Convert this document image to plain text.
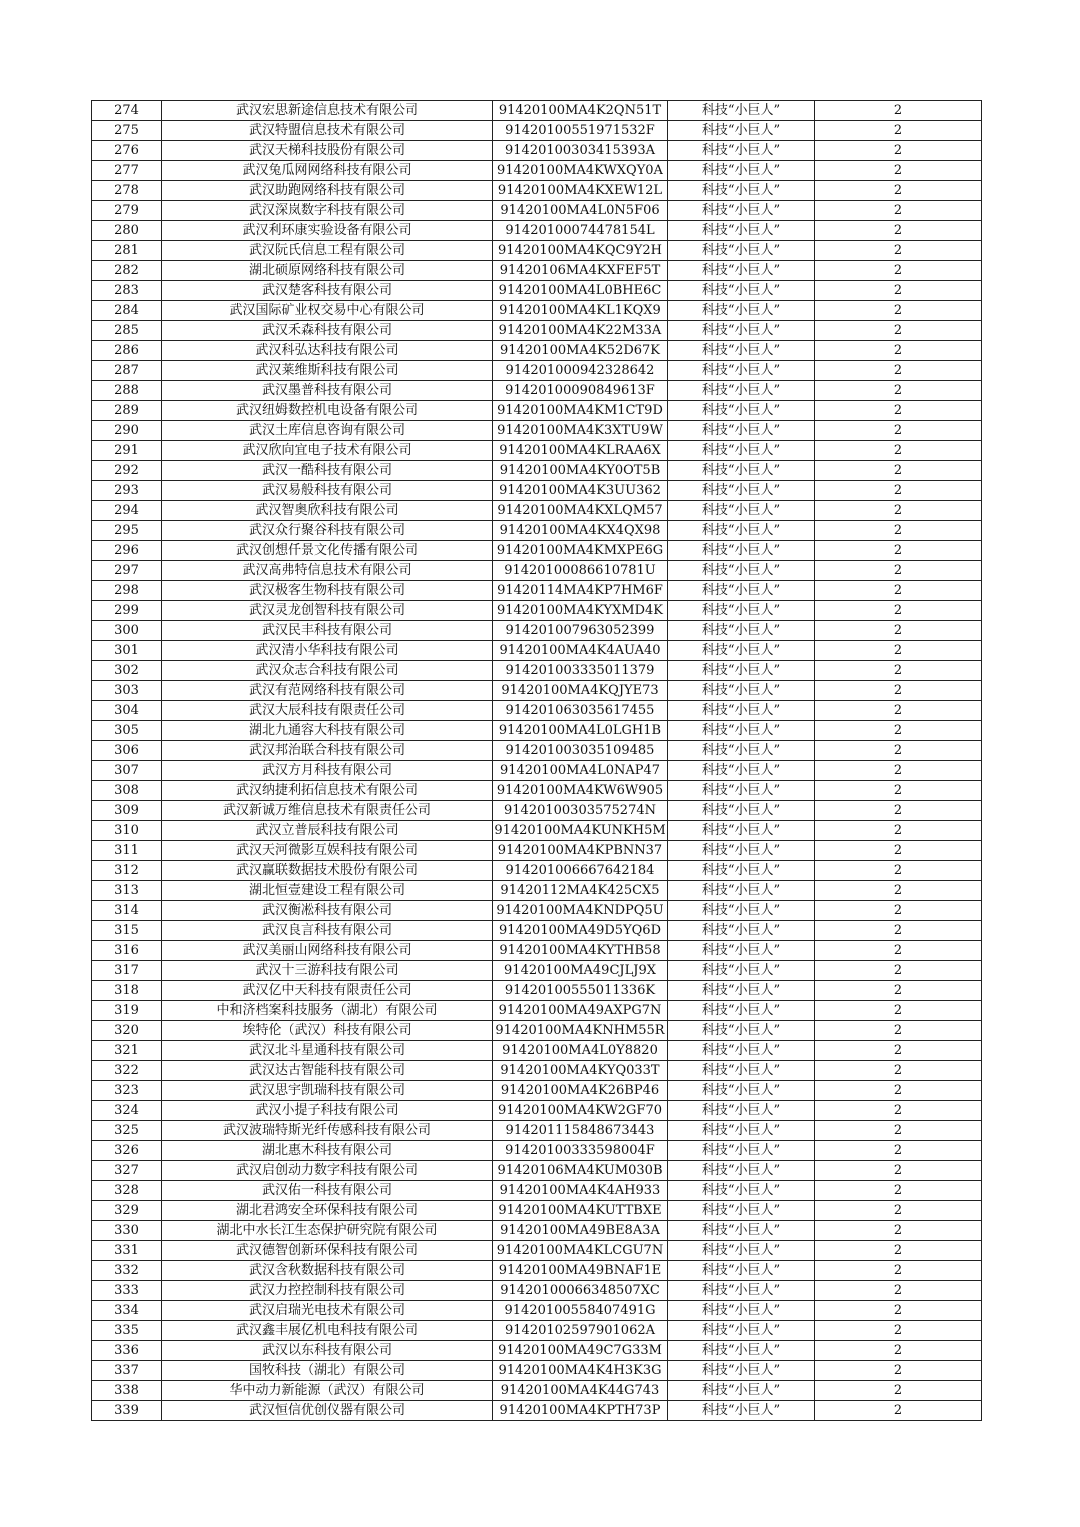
274	武汉宏思新途信息技术有限公司	91420100MA4K2QN51T	科技“小巨人”	2
275	武汉特盟信息技术有限公司	91420100551971532F	科技“小巨人”	2
276	武汉天梯科技股份有限公司	91420100303415393A	科技“小巨人”	2
277	武汉兔瓜网网络科技有限公司	91420100MA4KWXQY0A	科技“小巨人”	2
278	武汉助跑网络科技有限公司	91420100MA4KXEW12L	科技“小巨人”	2
279	武汉深岚数字科技有限公司	91420100MA4L0N5F06	科技“小巨人”	2
280	武汉利环康实验设备有限公司	91420100074478154L	科技“小巨人”	2
281	武汉阮氏信息工程有限公司	91420100MA4KQC9Y2H	科技“小巨人”	2
282	湖北硕原网络科技有限公司	91420106MA4KXFEF5T	科技“小巨人”	2
283	武汉楚客科技有限公司	91420100MA4L0BHE6C	科技“小巨人”	2
284	武汉国际矿业权交易中心有限公司	91420100MA4KL1KQX9	科技“小巨人”	2
285	武汉禾森科技有限公司	91420100MA4K22M33A	科技“小巨人”	2
286	武汉科弘达科技有限公司	91420100MA4K52D67K	科技“小巨人”	2
287	武汉莱维斯科技有限公司	914201000942328642	科技“小巨人”	2
288	武汉墨普科技有限公司	91420100090849613F	科技“小巨人”	2
289	武汉纽姆数控机电设备有限公司	91420100MA4KM1CT9D	科技“小巨人”	2
290	武汉土库信息咨询有限公司	91420100MA4K3XTU9W	科技“小巨人”	2
291	武汉欣向宜电子技术有限公司	91420100MA4KLRAA6X	科技“小巨人”	2
292	武汉一酷科技有限公司	91420100MA4KY0OT5B	科技“小巨人”	2
293	武汉易般科技有限公司	91420100MA4K3UU362	科技“小巨人”	2
294	武汉智奥欣科技有限公司	91420100MA4KXLQM57	科技“小巨人”	2
295	武汉众行聚谷科技有限公司	91420100MA4KX4QX98	科技“小巨人”	2
296	武汉创想仟景文化传播有限公司	91420100MA4KMXPE6G	科技“小巨人”	2
297	武汉高弗特信息技术有限公司	91420100086610781U	科技“小巨人”	2
298	武汉极客生物科技有限公司	91420114MA4KP7HM6F	科技“小巨人”	2
299	武汉灵龙创智科技有限公司	91420100MA4KYXMD4K	科技“小巨人”	2
300	武汉民丰科技有限公司	914201007963052399	科技“小巨人”	2
301	武汉清小华科技有限公司	91420100MA4K4AUA40	科技“小巨人”	2
302	武汉众志合科技有限公司	914201003335011379	科技“小巨人”	2
303	武汉有范网络科技有限公司	91420100MA4KQJYE73	科技“小巨人”	2
304	武汉大辰科技有限责任公司	914201063035617455	科技“小巨人”	2
305	湖北九通容大科技有限公司	91420100MA4L0LGH1B	科技“小巨人”	2
306	武汉邦治联合科技有限公司	914201003035109485	科技“小巨人”	2
307	武汉方月科技有限公司	91420100MA4L0NAP47	科技“小巨人”	2
308	武汉纳捷利拓信息技术有限公司	91420100MA4KW6W905	科技“小巨人”	2
309	武汉新诚万维信息技术有限责任公司	91420100303575274N	科技“小巨人”	2
310	武汉立普辰科技有限公司	91420100MA4KUNKH5M	科技“小巨人”	2
311	武汉天河微影互娱科技有限公司	91420100MA4KPBNN37	科技“小巨人”	2
312	武汉赢联数据技术股份有限公司	914201006667642184	科技“小巨人”	2
313	湖北恒壹建设工程有限公司	91420112MA4K425CX5	科技“小巨人”	2
314	武汉衡凇科技有限公司	91420100MA4KNDPQ5U	科技“小巨人”	2
315	武汉良言科技有限公司	91420100MA49D5YQ6D	科技“小巨人”	2
316	武汉美丽山网络科技有限公司	91420100MA4KYTHB58	科技“小巨人”	2
317	武汉十三游科技有限公司	91420100MA49CJLJ9X	科技“小巨人”	2
318	武汉亿中天科技有限责任公司	91420100555011336K	科技“小巨人”	2
319	中和济档案科技服务（湖北）有限公司	91420100MA49AXPG7N	科技“小巨人”	2
320	埃特伦（武汉）科技有限公司	91420100MA4KNHM55R	科技“小巨人”	2
321	武汉北斗星通科技有限公司	91420100MA4L0Y8820	科技“小巨人”	2
322	武汉达古智能科技有限公司	91420100MA4KYQ033T	科技“小巨人”	2
323	武汉思宇凯瑞科技有限公司	91420100MA4K26BP46	科技“小巨人”	2
324	武汉小提子科技有限公司	91420100MA4KW2GF70	科技“小巨人”	2
325	武汉波瑞特斯光纤传感科技有限公司	914201115848673443	科技“小巨人”	2
326	湖北惠木科技有限公司	91420100333598004F	科技“小巨人”	2
327	武汉启创动力数字科技有限公司	91420106MA4KUM030B	科技“小巨人”	2
328	武汉佑一科技有限公司	91420100MA4K4AH933	科技“小巨人”	2
329	湖北君鸿安全环保科技有限公司	91420100MA4KUTTBXE	科技“小巨人”	2
330	湖北中水长江生态保护研究院有限公司	91420100MA49BE8A3A	科技“小巨人”	2
331	武汉德智创新环保科技有限公司	91420100MA4KLCGU7N	科技“小巨人”	2
332	武汉含秋数据科技有限公司	91420100MA49BNAF1E	科技“小巨人”	2
333	武汉力控控制科技有限公司	91420100066348507XC	科技“小巨人”	2
334	武汉启瑞光电技术有限公司	91420100558407491G	科技“小巨人”	2
335	武汉鑫丰展亿机电科技有限公司	91420102597901062A	科技“小巨人”	2
336	武汉以东科技有限公司	91420100MA49C7G33M	科技“小巨人”	2
337	国牧科技（湖北）有限公司	91420100MA4K4H3K3G	科技“小巨人”	2
338	华中动力新能源（武汉）有限公司	91420100MA4K44G743	科技“小巨人”	2
339	武汉恒信优创仪器有限公司	91420100MA4KPTH73P	科技“小巨人”	2
